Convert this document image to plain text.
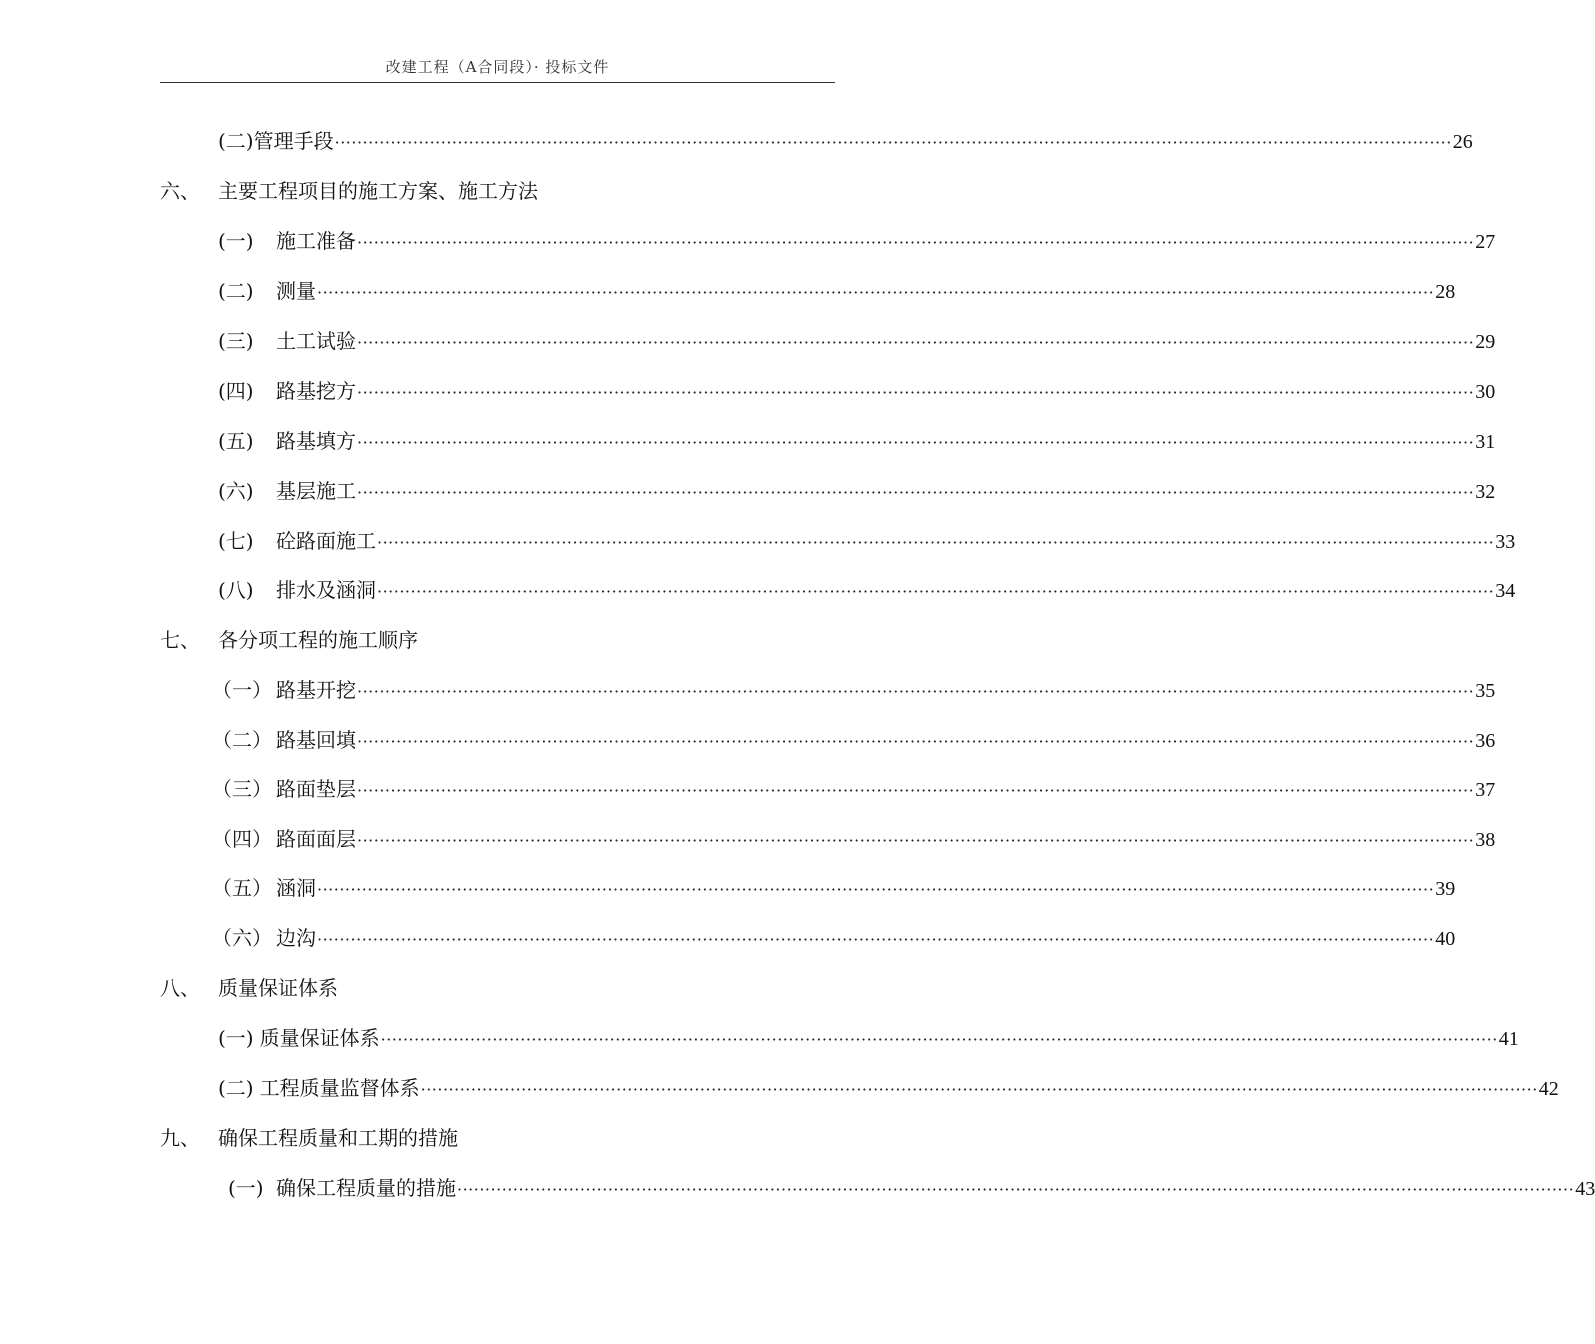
改建工程（A合同段）· 投标文件
(二) 管理手段 ········································································································································································································ 26
六、 主要工程项目的施工方案、施工方法
(一)	施工准备 ········································································································································································································ 27
(二)	测量 ········································································································································································································ 28
(三)	土工试验 ········································································································································································································ 29
(四)	路基挖方 ········································································································································································································ 30
(五)	路基填方 ········································································································································································································ 31
(六)	基层施工 ········································································································································································································ 32
(七)	砼路面施工 ········································································································································································································ 33
(八)	排水及涵洞 ········································································································································································································ 34
七、 各分项工程的施工顺序
（一） 路基开挖 ········································································································································································································ 35
（二） 路基回填 ········································································································································································································ 36
（三） 路面垫层 ········································································································································································································ 37
（四） 路面面层 ········································································································································································································ 38
（五） 涵洞 ········································································································································································································ 39
（六） 边沟 ········································································································································································································ 40
八、 质量保证体系
(一) 质量保证体系 ········································································································································································································ 41
(二) 工程质量监督体系 ········································································································································································································ 42
九、 确保工程质量和工期的措施
(一) 确保工程质量的措施 ········································································································································································································ 43
